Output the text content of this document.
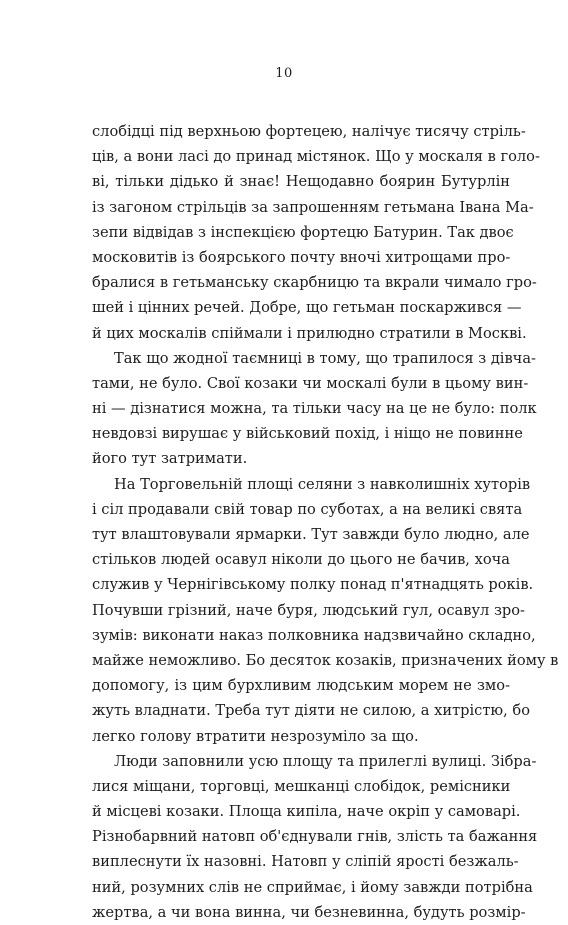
10
слобідці під верхньою фортецею, налічує тисячу стріль-
ців, а вони ласі до принад містянок. Що у москаля в голо-
ві, тільки дідько й знає! Нещодавно боярин Бутурлін
із загоном стрільців за запрошенням гетьмана Івана Ма-
зепи відвідав з інспекцією фортецю Батурин. Так двоє
московитів із боярського почту вночі хитрощами про-
бралися в гетьманську скарбницю та вкрали чимало гро-
шей і цінних речей. Добре, що гетьман поскаржився —
й цих москалів спіймали і прилюдно стратили в Москві.
Так що жодної таємниці в тому, що трапилося з дівча-
тами, не було. Свої козаки чи москалі були в цьому вин-
ні — дізнатися можна, та тільки часу на це не було: полк
невдовзі вирушає у військовий похід, і ніщо не повинне
його тут затримати.
На Торговельній площі селяни з навколишніх хуторів
і сіл продавали свій товар по суботах, а на великі свята
тут влаштовували ярмарки. Тут завжди було людно, але
стільков людей осавул ніколи до цього не бачив, хоча
служив у Чернігівському полку понад п'ятнадцять років.
Почувши грізний, наче буря, людський гул, осавул зро-
зумів: виконати наказ полковника надзвичайно складно,
майже неможливо. Бо десяток козаків, призначених йому в
допомогу, із цим бурхливим людським морем не змо-
жуть владнати. Треба тут діяти не силою, а хитрістю, бо
легко голову втратити незрозуміло за що.
Люди заповнили усю площу та прилеглі вулиці. Зібра-
лися міщани, торговці, мешканці слобідок, ремісники
й місцеві козаки. Площа кипіла, наче окріп у самоварі.
Різнобарвний натовп об'єднували гнів, злість та бажання
виплеснути їх назовні. Натовп у сліпій ярості безжаль-
ний, розумних слів не сприймає, і йому завжди потрібна
жертва, а чи вона винна, чи безневинна, будуть розмір-
